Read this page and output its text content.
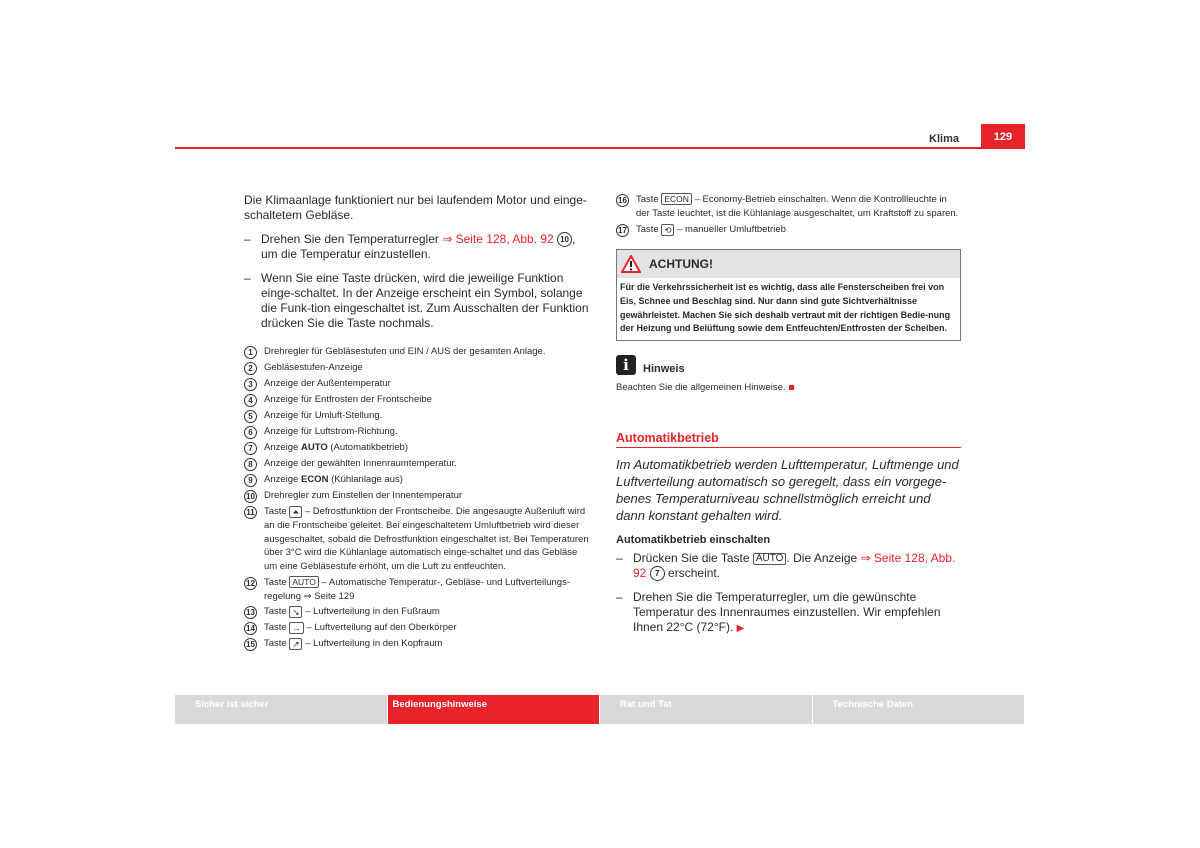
Klima	129

Die Klimaanlage funktioniert nur bei laufendem Motor und einge-schaltetem Gebläse.

– Drehen Sie den Temperaturregler ⇒ Seite 128, Abb. 92 10 , um die Temperatur einzustellen.
– Wenn Sie eine Taste drücken, wird die jeweilige Funktion einge-schaltet. In der Anzeige erscheint ein Symbol, solange die Funk-tion eingeschaltet ist. Zum Ausschalten der Funktion drücken Sie die Taste nochmals.
1	Drehregler für Gebläsestufen und EIN / AUS der gesamten Anlage.
2	Gebläsestufen-Anzeige
3	Anzeige der Außentemperatur
4	Anzeige für Entfrosten der Frontscheibe
5	Anzeige für Umluft-Stellung.
6	Anzeige für Luftstrom-Richtung.
7	Anzeige AUTO (Automatikbetrieb)
8	Anzeige der gewählten Innenraumtemperatur.
9	Anzeige ECON (Kühlanlage aus)
10 Drehregler zum Einstellen der Innentemperatur
11 Taste ⏶ – Defrostfunktion der Frontscheibe. Die angesaugte Außenluft wird an die Frontscheibe geleitet. Bei eingeschaltetem Umluftbetrieb wird dieser ausgeschaltet, sobald die Defrostfunktion eingeschaltet ist. Bei Temperaturen über 3°C wird die Kühlanlage automatisch einge-schaltet und das Gebläse um eine Gebläsestufe erhöht, um die Luft zu entfeuchten.
12 Taste AUTO – Automatische Temperatur-, Gebläse- und Luftverteilungs-regelung ⇒ Seite 129
13 Taste ↘ – Luftverteilung in den Fußraum
14 Taste → – Luftverteilung auf den Oberkörper
15 Taste ↗ – Luftverteilung in den Kopfraum
16 Taste ECON – Economy-Betrieb einschalten. Wenn die Kontrollleuchte in der Taste leuchtet, ist die Kühlanlage ausgeschaltet, um Kraftstoff zu sparen.
17 Taste ⟲ – manueller Umluftbetrieb
ACHTUNG!
Für die Verkehrssicherheit ist es wichtig, dass alle Fensterscheiben frei von Eis, Schnee und Beschlag sind. Nur dann sind gute Sichtverhältnisse gewährleistet. Machen Sie sich deshalb vertraut mit der richtigen Bedie-nung der Heizung und Belüftung sowie dem Entfeuchten/Entfrosten der Scheiben.
i	Hinweis
Beachten Sie die allgemeinen Hinweise.
Automatikbetrieb
Im Automatikbetrieb werden Lufttemperatur, Luftmenge und Luftverteilung automatisch so geregelt, dass ein vorgege-benes Temperaturniveau schnellstmöglich erreicht und dann konstant gehalten wird.
Automatikbetrieb einschalten
– Drücken Sie die Taste AUTO . Die Anzeige ⇒ Seite 128, Abb. 92 7 erscheint.
– Drehen Sie die Temperaturregler, um die gewünschte Temperatur des Innenraumes einzustellen. Wir empfehlen Ihnen 22°C (72°F). ▶
Sicher ist sicher	Bedienungshinweise	Rat und Tat	Technische Daten
